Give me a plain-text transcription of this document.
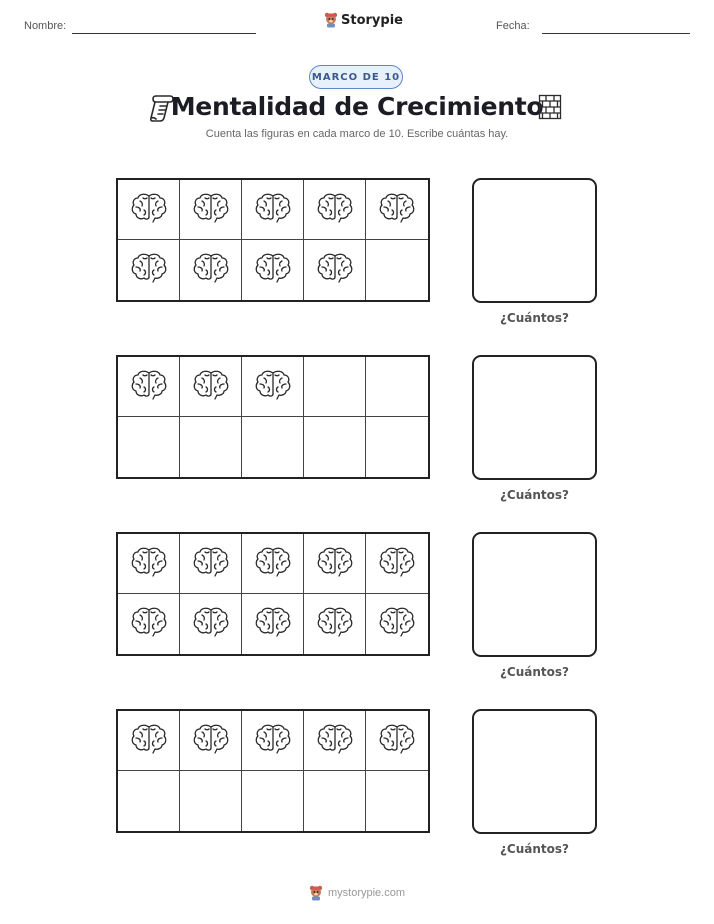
Nombre:	Storypie	Fecha:
MARCO DE 10
Mentalidad de Crecimiento
Cuenta las figuras en cada marco de 10. Escribe cuántas hay.
¿Cuántos?
¿Cuántos?
¿Cuántos?
¿Cuántos?
mystorypie.com
